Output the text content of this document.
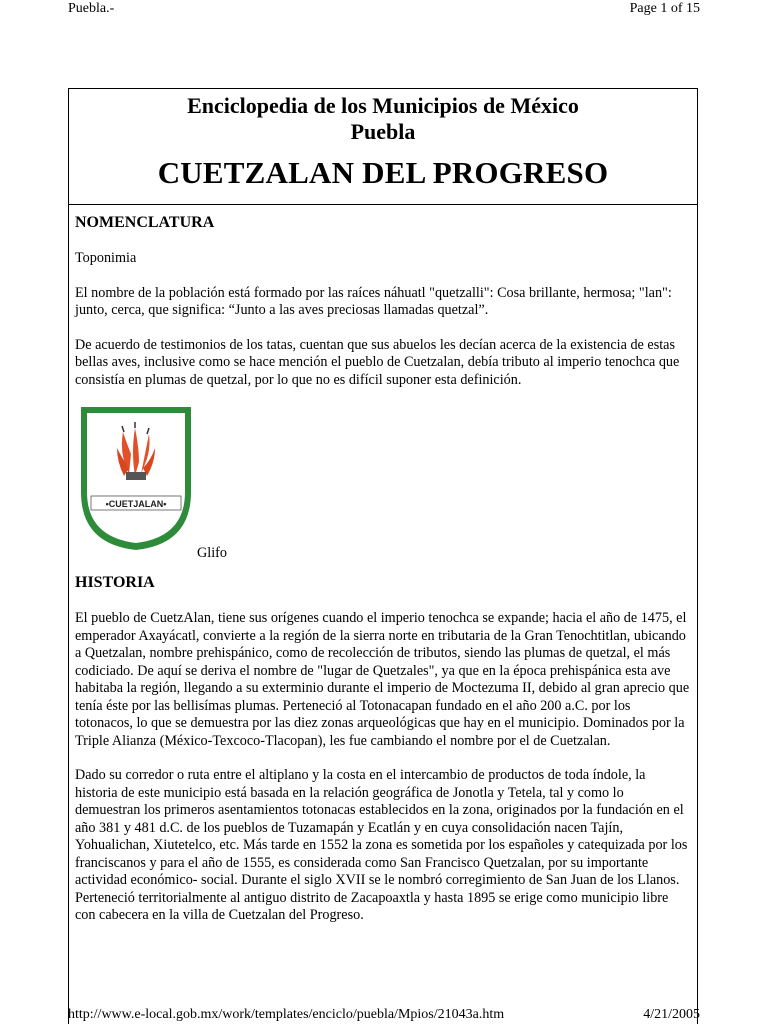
Puebla.-	Page 1 of 15
Enciclopedia de los Municipios de México
Puebla
CUETZALAN DEL PROGRESO
NOMENCLATURA

Toponimia

El nombre de la población está formado por las raíces náhuatl "quetzalli": Cosa brillante, hermosa; "lan": junto, cerca, que significa: “Junto a las aves preciosas llamadas quetzal”.

De acuerdo de testimonios de los tatas, cuentan que sus abuelos les decían acerca de la existencia de estas bellas aves, inclusive como se hace mención el pueblo de Cuetzalan, debía tributo al imperio tenochca que consistía en plumas de quetzal, por lo que no es difícil suponer esta definición.

•CUETJALAN•
Glifo
HISTORIA

El pueblo de CuetzAlan, tiene sus orígenes cuando el imperio tenochca se expande; hacia el año de 1475, el emperador Axayácatl, convierte a la región de la sierra norte en tributaria de la Gran Tenochtitlan, ubicando a Quetzalan, nombre prehispánico, como de recolección de tributos, siendo las plumas de quetzal, el más codiciado. De aquí se deriva el nombre de "lugar de Quetzales", ya que en la época prehispánica esta ave habitaba la región, llegando a su exterminio durante el imperio de Moctezuma II, debido al gran aprecio que tenía éste por las bellisímas plumas. Perteneció al Totonacapan fundado en el año 200 a.C. por los totonacos, lo que se demuestra por las diez zonas arqueológicas que hay en el municipio. Dominados por la Triple Alianza (México-Texcoco-Tlacopan), les fue cambiando el nombre por el de Cuetzalan.

Dado su corredor o ruta entre el altiplano y la costa en el intercambio de productos de toda índole, la historia de este municipio está basada en la relación geográfica de Jonotla y Tetela, tal y como lo demuestran los primeros asentamientos totonacas establecidos en la zona, originados por la fundación en el año 381 y 481 d.C. de los pueblos de Tuzamapán y Ecatlán y en cuya consolidación nacen Tajín, Yohualichan, Xiutetelco, etc. Más tarde en 1552 la zona es sometida por los españoles y catequizada por los franciscanos y para el año de 1555, es considerada como San Francisco Quetzalan, por su importante actividad económico- social. Durante el siglo XVII se le nombró corregimiento de San Juan de los Llanos. Perteneció territorialmente al antiguo distrito de Zacapoaxtla y hasta 1895 se erige como municipio libre con cabecera en la villa de Cuetzalan del Progreso.

http://www.e-local.gob.mx/work/templates/enciclo/puebla/Mpios/21043a.htm	4/21/2005
